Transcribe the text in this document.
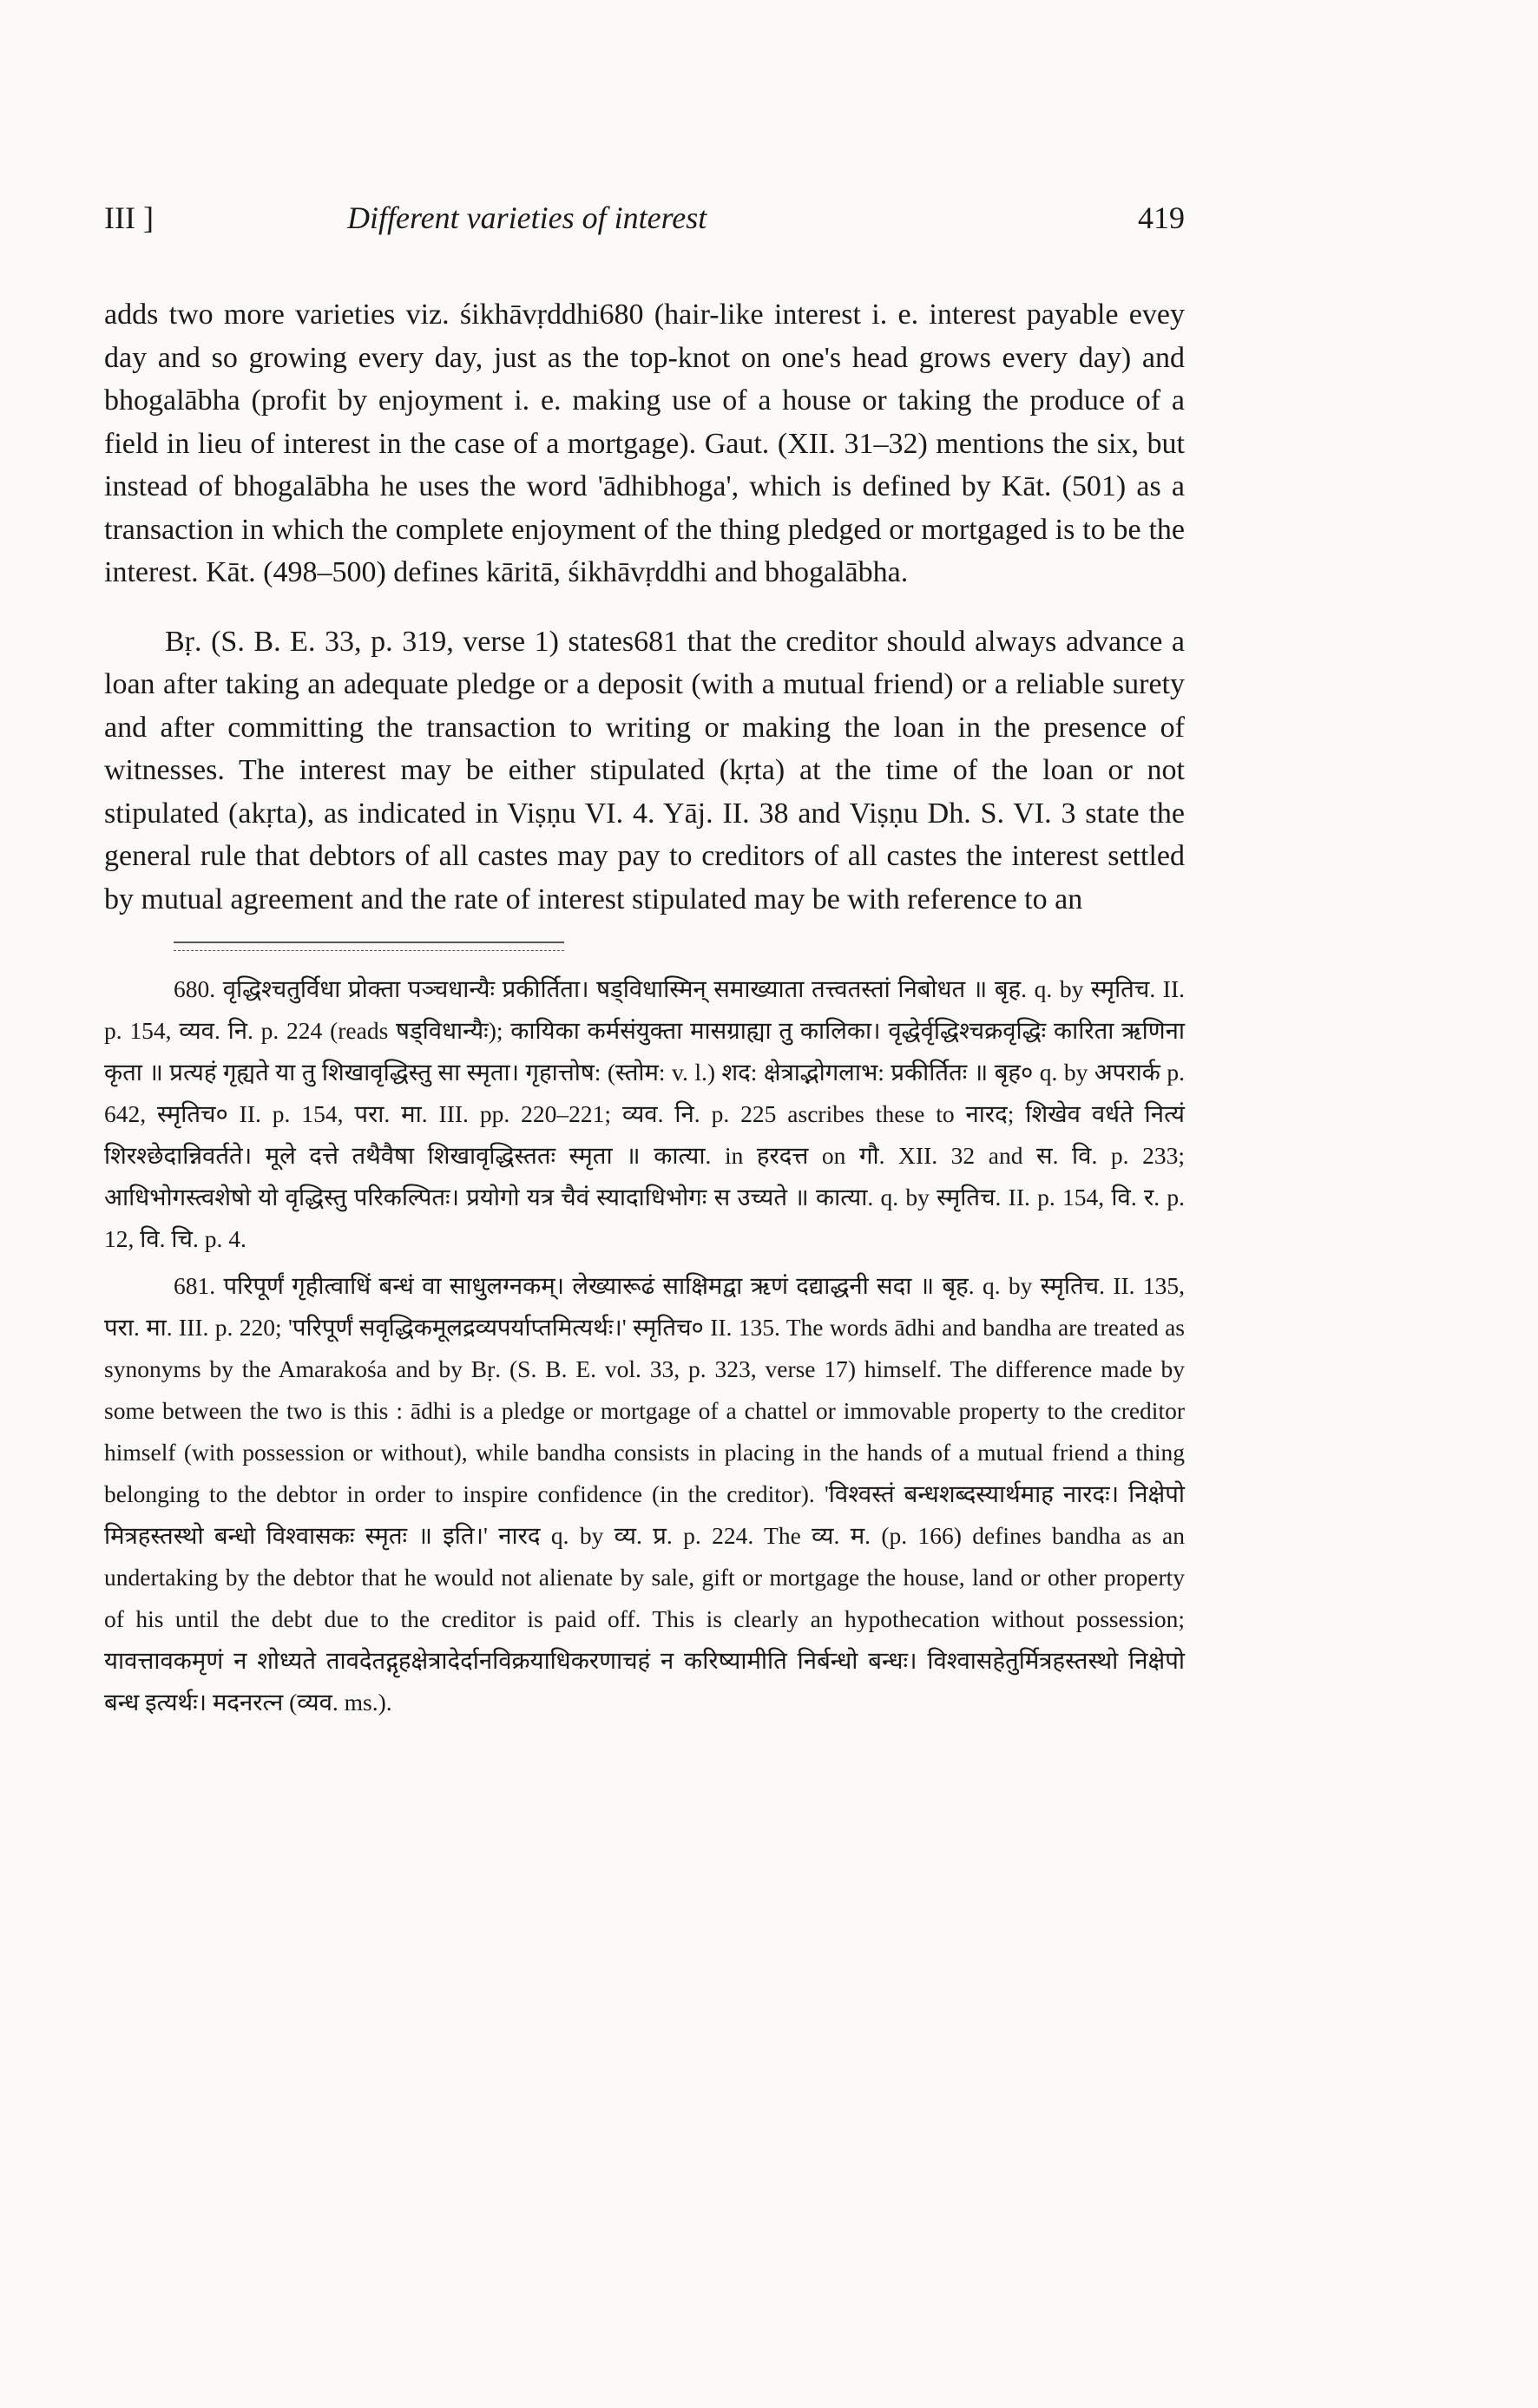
III ]	Different varieties of interest	419

adds two more varieties viz. śikhāvṛddhi680 (hair-like interest i. e. interest payable evey day and so growing every day, just as the top-knot on one's head grows every day) and bhogalābha (profit by enjoyment i. e. making use of a house or taking the produce of a field in lieu of interest in the case of a mortgage). Gaut. (XII. 31–32) mentions the six, but instead of bhogalābha he uses the word 'ādhibhoga', which is defined by Kāt. (501) as a transaction in which the complete enjoyment of the thing pledged or mortgaged is to be the interest. Kāt. (498–500) defines kāritā, śikhāvṛddhi and bhogalābha.

Bṛ. (S. B. E. 33, p. 319, verse 1) states681 that the creditor should always advance a loan after taking an adequate pledge or a deposit (with a mutual friend) or a reliable surety and after committing the transaction to writing or making the loan in the presence of witnesses. The interest may be either stipulated (kṛta) at the time of the loan or not stipulated (akṛta), as indicated in Viṣṇu VI. 4. Yāj. II. 38 and Viṣṇu Dh. S. VI. 3 state the general rule that debtors of all castes may pay to creditors of all castes the interest settled by mutual agreement and the rate of interest stipulated may be with reference to an

680. वृद्धिश्चतुर्विधा प्रोक्ता पञ्चधान्यैः प्रकीर्तिता। षड्विधास्मिन् समाख्याता तत्त्वतस्तां निबोधत ॥ बृह. q. by स्मृतिच. II. p. 154, व्यव. नि. p. 224 (reads षड्विधान्यैः); कायिका कर्मसंयुक्ता मासग्राह्या तु कालिका। वृद्धेर्वृद्धिश्चक्रवृद्धिः कारिता ऋणिना कृता ॥ प्रत्यहं गृह्यते या तु शिखावृद्धिस्तु सा स्मृता। गृहात्तोष: (स्तोम: v. l.) शद: क्षेत्राद्भोगलाभ: प्रकीर्तितः ॥ बृह० q. by अपरार्क p. 642, स्मृतिच० II. p. 154, परा. मा. III. pp. 220–221; व्यव. नि. p. 225 ascribes these to नारद; शिखेव वर्धते नित्यं शिरश्छेदान्निवर्तते। मूले दत्ते तथैवैषा शिखावृद्धिस्ततः स्मृता ॥ कात्या. in हरदत्त on गौ. XII. 32 and स. वि. p. 233; आधिभोगस्त्वशेषो यो वृद्धिस्तु परिकल्पितः। प्रयोगो यत्र चैवं स्यादाधिभोगः स उच्यते ॥ कात्या. q. by स्मृतिच. II. p. 154, वि. र. p. 12, वि. चि. p. 4.

681. परिपूर्णं गृहीत्वाधिं बन्धं वा साधुलग्नकम्। लेख्यारूढं साक्षिमद्वा ऋणं दद्याद्धनी सदा ॥ बृह. q. by स्मृतिच. II. 135, परा. मा. III. p. 220; 'परिपूर्णं सवृद्धिकमूलद्रव्यपर्याप्तमित्यर्थः।' स्मृतिच० II. 135. The words ādhi and bandha are treated as synonyms by the Amarakośa and by Bṛ. (S. B. E. vol. 33, p. 323, verse 17) himself. The difference made by some between the two is this : ādhi is a pledge or mortgage of a chattel or immovable property to the creditor himself (with possession or without), while bandha consists in placing in the hands of a mutual friend a thing belonging to the debtor in order to inspire confidence (in the creditor). 'विश्वस्तं बन्धशब्दस्यार्थमाह नारदः। निक्षेपो मित्रहस्तस्थो बन्धो विश्वासकः स्मृतः ॥ इति।' नारद q. by व्य. प्र. p. 224. The व्य. म. (p. 166) defines bandha as an undertaking by the debtor that he would not alienate by sale, gift or mortgage the house, land or other property of his until the debt due to the creditor is paid off. This is clearly an hypothecation without possession; यावत्तावकमृणं न शोध्यते तावदेतद्गृहक्षेत्रादेर्दानविक्रयाधिकरणाचहं न करिष्यामीति निर्बन्धो बन्धः। विश्वासहेतुर्मित्रहस्तस्थो निक्षेपो बन्ध इत्यर्थः। मदनरत्न (व्यव. ms.).
